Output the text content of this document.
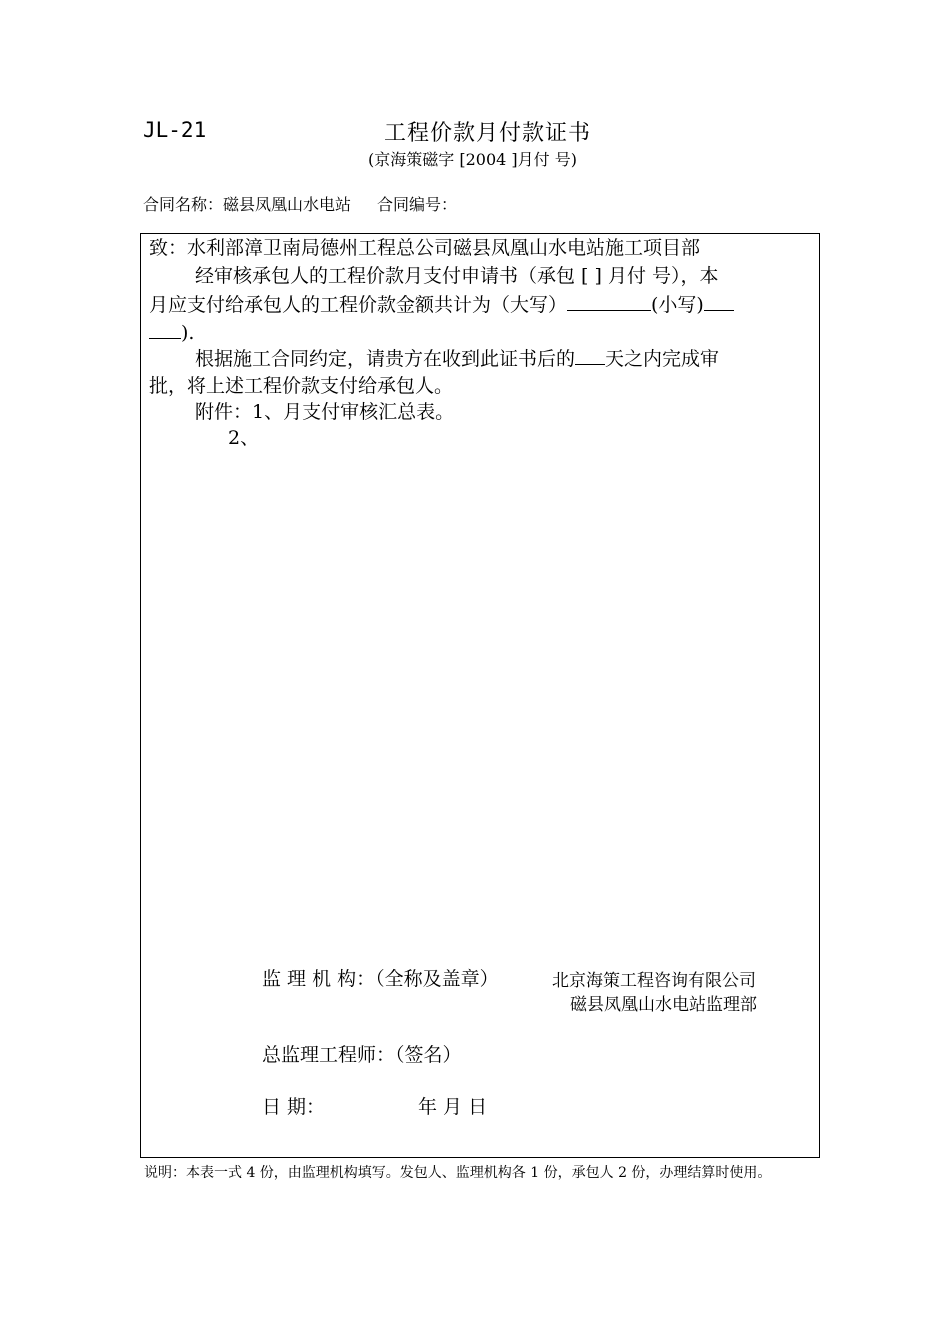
JL-21	工程价款月付款证书
(京海策磁字 [2004 ]月付 号)
合同名称：磁县凤凰山水电站 合同编号：
致：水利部漳卫南局德州工程总公司磁县凤凰山水电站施工项目部
经审核承包人的工程价款月支付申请书（承包 [ ] 月付 号），本
月应支付给承包人的工程价款金额共计为（大写）	(小写)
).
根据施工合同约定，请贵方在收到此证书后的 天之内完成审
批，将上述工程价款支付给承包人。
附件：1、月支付审核汇总表。
2、
监 理 机 构：（全称及盖章）	北京海策工程咨询有限公司
磁县凤凰山水电站监理部
总监理工程师：（签名）
日 期：	年 月 日
说明：本表一式 4 份，由监理机构填写。发包人、监理机构各 1 份，承包人 2 份，办理结算时使用。
